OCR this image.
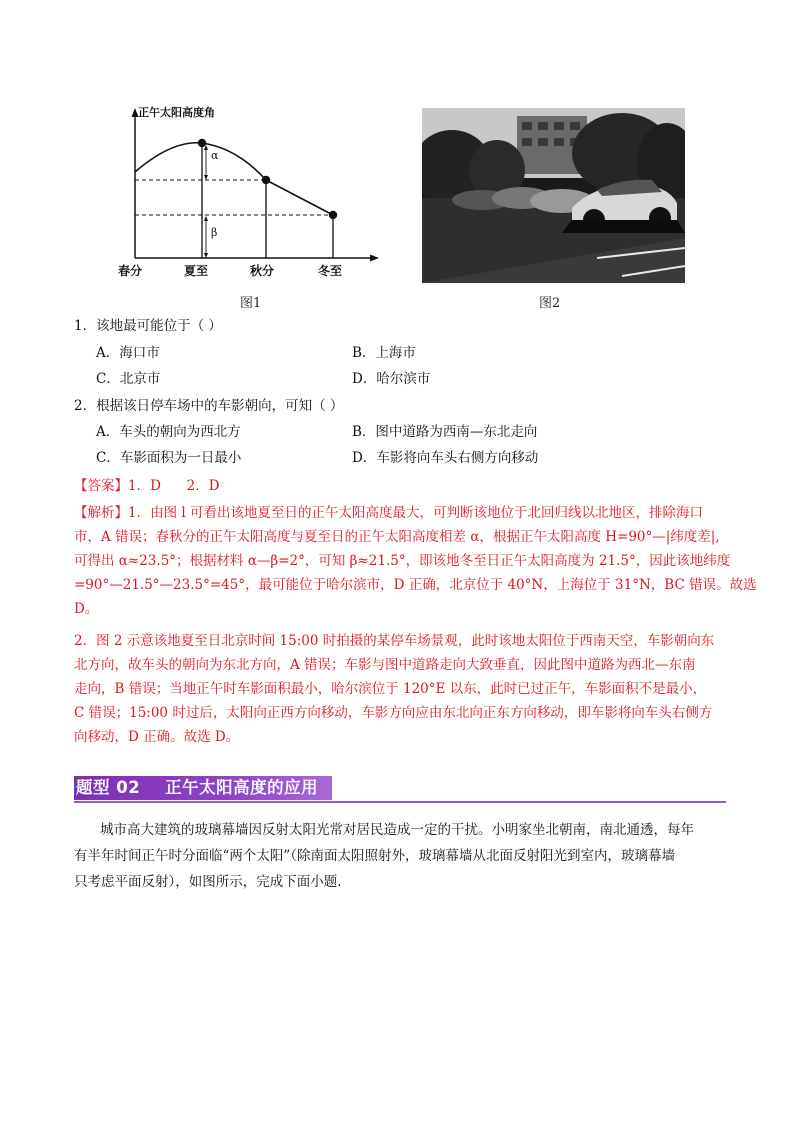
正午太阳高度角
α
β
春分	夏至	秋分	冬至
图1	图2
1．该地最可能位于（ ）
A．海口市	B．上海市
C．北京市	D．哈尔滨市
2．根据该日停车场中的车影朝向，可知（ ）
A．车头的朝向为西北方	B．图中道路为西南—东北走向
C．车影面积为一日最小	D．车影将向车头右侧方向移动
【答案】1．D      2．D
【解析】1．由图 l 可看出该地夏至日的正午太阳高度最大，可判断该地位于北回归线以北地区，排除海口
市，A 错误；春秋分的正午太阳高度与夏至日的正午太阳高度相差 α，根据正午太阳高度 H=90°—|纬度差|,
可得出 α≈23.5°；根据材料 α—β=2°，可知 β≈21.5°，即该地冬至日正午太阳高度为 21.5°，因此该地纬度
=90°—21.5°—23.5°=45°，最可能位于哈尔滨市，D 正确，北京位于 40°N，上海位于 31°N，BC 错误。故选
D。
2．图 2 示意该地夏至日北京时间 15:00 时拍摄的某停车场景观，此时该地太阳位于西南天空，车影朝向东
北方向，故车头的朝向为东北方向，A 错误；车影与图中道路走向大致垂直，因此图中道路为西北—东南
走向，B 错误；当地正午时车影面积最小，哈尔滨位于 120°E 以东，此时已过正午，车影面积不是最小，
C 错误；15:00 时过后，太阳向正西方向移动，车影方向应由东北向正东方向移动，即车影将向车头右侧方
向移动，D 正确。故选 D。
题型 02    正午太阳高度的应用
城市高大建筑的玻璃幕墙因反射太阳光常对居民造成一定的干扰。小明家坐北朝南，南北通透，每年
有半年时间正午时分面临“两个太阳”（除南面太阳照射外，玻璃幕墙从北面反射阳光到室内，玻璃幕墙
只考虑平面反射），如图所示，完成下面小题.
